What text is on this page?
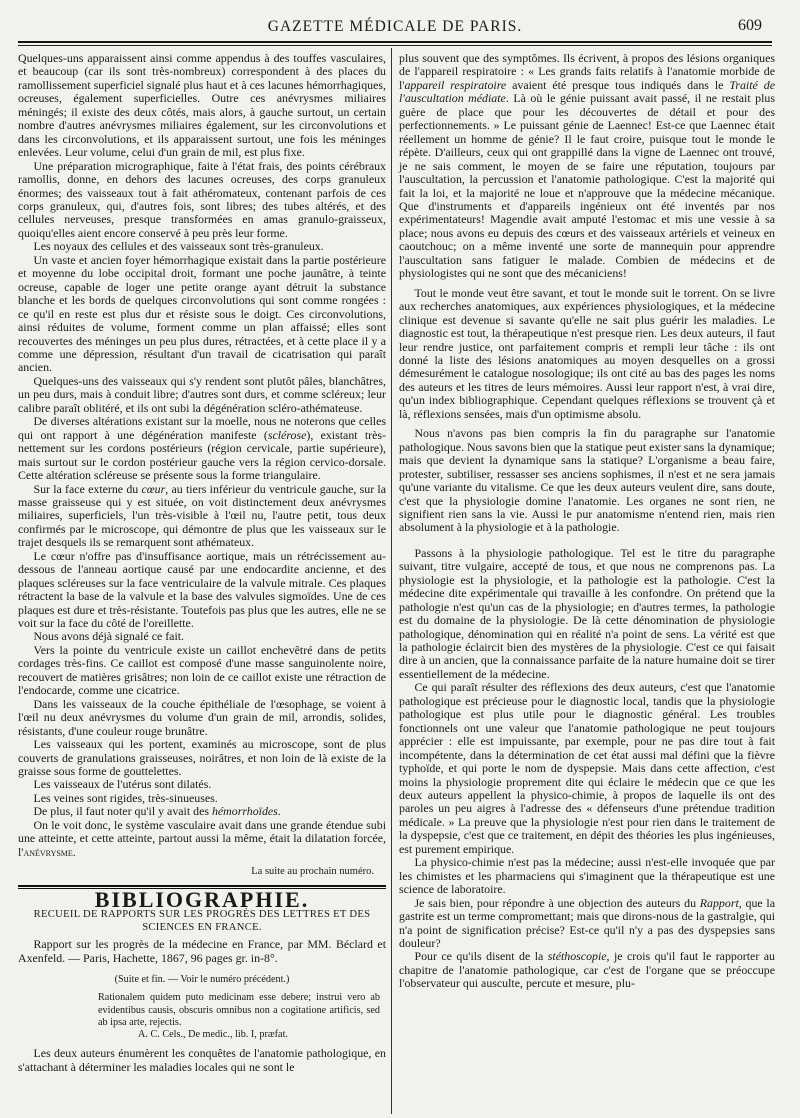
GAZETTE MÉDICALE DE PARIS.	609

Quelques-uns apparaissent ainsi comme appendus à des touffes vasculaires, et beaucoup (car ils sont très-nombreux) correspondent à des places du ramollissement superficiel signalé plus haut et à ces lacunes hémorrhagiques, ocreuses, également superficielles. Outre ces anévrysmes miliaires méningés; il existe des deux côtés, mais alors, à gauche surtout, un certain nombre d'autres anévrysmes miliaires également, sur les circonvolutions et dans les circonvolutions, et ils apparaissent surtout, une fois les méninges enlevées. Leur volume, celui d'un grain de mil, est plus fixe.

Une préparation micrographique, faite à l'état frais, des points cérébraux ramollis, donne, en dehors des lacunes ocreuses, des corps granuleux énormes; des vaisseaux tout à fait athéromateux, contenant parfois de ces corps granuleux, qui, d'autres fois, sont libres; des tubes altérés, et des cellules nerveuses, presque transformées en amas granulo-graisseux, quoiqu'elles aient encore conservé à peu près leur forme.

Les noyaux des cellules et des vaisseaux sont très-granuleux.

Un vaste et ancien foyer hémorrhagique existait dans la partie postérieure et moyenne du lobe occipital droit, formant une poche jaunâtre, à teinte ocreuse, capable de loger une petite orange ayant détruit la substance blanche et les bords de quelques circonvolutions qui sont comme rongées : ce qu'il en reste est plus dur et résiste sous le doigt. Ces circonvolutions, ainsi réduites de volume, forment comme un plan affaissé; elles sont recouvertes des méninges un peu plus dures, rétractées, et à cette place il y a comme une dépression, résultant d'un travail de cicatrisation qui paraît ancien.

Quelques-uns des vaisseaux qui s'y rendent sont plutôt pâles, blanchâtres, un peu durs, mais à conduit libre; d'autres sont durs, et comme scléreux; leur calibre paraît oblitéré, et ils ont subi la dégénération scléro-athémateuse.

De diverses altérations existant sur la moelle, nous ne noterons que celles qui ont rapport à une dégénération manifeste (sclérose), existant très-nettement sur les cordons postérieurs (région cervicale, partie supérieure), mais surtout sur le cordon postérieur gauche vers la région cervico-dorsale. Cette altération scléreuse se présente sous la forme triangulaire.

Sur la face externe du cœur, au tiers inférieur du ventricule gauche, sur la masse graisseuse qui y est située, on voit distinctement deux anévrysmes miliaires, superficiels, l'un très-visible à l'œil nu, l'autre petit, tous deux confirmés par le microscope, qui démontre de plus que les vaisseaux sur le trajet desquels ils se remarquent sont athémateux.

Le cœur n'offre pas d'insuffisance aortique, mais un rétrécissement au-dessous de l'anneau aortique causé par une endocardite ancienne, et des plaques scléreuses sur la face ventriculaire de la valvule mitrale. Ces plaques rétractent la base de la valvule et la base des valvules sigmoïdes. Une de ces plaques est dure et très-résistante. Toutefois pas plus que les autres, elle ne se voit sur la face du côté de l'oreillette.

Nous avons déjà signalé ce fait.

Vers la pointe du ventricule existe un caillot enchevêtré dans de petits cordages très-fins. Ce caillot est composé d'une masse sanguinolente noire, recouvert de matières grisâtres; non loin de ce caillot existe une rétraction de l'endocarde, comme une cicatrice.

Dans les vaisseaux de la couche épithéliale de l'œsophage, se voient à l'œil nu deux anévrysmes du volume d'un grain de mil, arrondis, solides, résistants, d'une couleur rouge brunâtre.

Les vaisseaux qui les portent, examinés au microscope, sont de plus couverts de granulations graisseuses, noirâtres, et non loin de là existe de la graisse sous forme de gouttelettes.

Les vaisseaux de l'utérus sont dilatés.

Les veines sont rigides, très-sinueuses.

De plus, il faut noter qu'il y avait des hémorrhoïdes.

On le voit donc, le système vasculaire avait dans une grande étendue subi une atteinte, et cette atteinte, partout aussi la même, était la dilatation forcée, l'anévrysme.

La suite au prochain numéro.
BIBLIOGRAPHIE.
RECUEIL DE RAPPORTS SUR LES PROGRÈS DES LETTRES ET DES SCIENCES EN FRANCE.

Rapport sur les progrès de la médecine en France, par MM. Béclard et Axenfeld. — Paris, Hachette, 1867, 96 pages gr. in-8°.

(Suite et fin. — Voir le numéro précédent.)
Rationalem quidem puto medicinam esse debere; instrui vero ab evidentibus causis, obscuris omnibus non a cogitatione artificis, sed ab ipsa arte, rejectis.
A. C. Cels., De medic., lib. I, præfat.

Les deux auteurs énumèrent les conquêtes de l'anatomie pathologique, en s'attachant à déterminer les maladies locales qui ne sont le

plus souvent que des symptômes. Ils écrivent, à propos des lésions organiques de l'appareil respiratoire : « Les grands faits relatifs à l'anatomie morbide de l'appareil respiratoire avaient été presque tous indiqués dans le Traité de l'auscultation médiate. Là où le génie puissant avait passé, il ne restait plus guère de place que pour les découvertes de détail et pour des perfectionnements. » Le puissant génie de Laennec! Est-ce que Laennec était réellement un homme de génie? Il le faut croire, puisque tout le monde le répète. D'ailleurs, ceux qui ont grappillé dans la vigne de Laennec ont trouvé, je ne sais comment, le moyen de se faire une réputation, toujours par l'auscultation, la percussion et l'anatomie pathologique. C'est la majorité qui fait la loi, et la majorité ne loue et n'approuve que la médecine mécanique. Que d'instruments et d'appareils ingénieux ont été inventés par nos expérimentateurs! Magendie avait amputé l'estomac et mis une vessie à sa place; nous avons eu depuis des cœurs et des vaisseaux artériels et veineux en caoutchouc; on a même inventé une sorte de mannequin pour apprendre l'auscultation sans fatiguer le malade. Combien de médecins et de physiologistes qui ne sont que des mécaniciens!

Tout le monde veut être savant, et tout le monde suit le torrent. On se livre aux recherches anatomiques, aux expériences physiologiques, et la médecine clinique est devenue si savante qu'elle ne sait plus guérir les maladies. Le diagnostic est tout, la thérapeutique n'est presque rien. Les deux auteurs, il faut leur rendre justice, ont parfaitement compris et rempli leur tâche : ils ont donné la liste des lésions anatomiques au moyen desquelles on a grossi démesurément le catalogue nosologique; ils ont cité au bas des pages les noms des auteurs et les titres de leurs mémoires. Aussi leur rapport n'est, à vrai dire, qu'un index bibliographique. Cependant quelques réflexions se trouvent çà et là, réflexions sensées, mais d'un optimisme absolu.

Nous n'avons pas bien compris la fin du paragraphe sur l'anatomie pathologique. Nous savons bien que la statique peut exister sans la dynamique; mais que devient la dynamique sans la statique? L'organisme a beau faire, protester, subtiliser, ressasser ses anciens sophismes, il n'est et ne sera jamais qu'une variante du vitalisme. Ce que les deux auteurs veulent dire, sans doute, c'est que la physiologie domine l'anatomie. Les organes ne sont rien, ne signifient rien sans la vie. Aussi le pur anatomisme n'entend rien, mais rien absolument à la physiologie et à la pathologie.

Passons à la physiologie pathologique. Tel est le titre du paragraphe suivant, titre vulgaire, accepté de tous, et que nous ne comprenons pas. La physiologie est la physiologie, et la pathologie est la pathologie. C'est la médecine dite expérimentale qui travaille à les confondre. On prétend que la pathologie n'est qu'un cas de la physiologie; en d'autres termes, la pathologie est du domaine de la physiologie. De là cette dénomination de physiologie pathologique, dénomination qui en réalité n'a point de sens. La vérité est que la pathologie éclaircit bien des mystères de la physiologie. C'est ce qui faisait dire à un ancien, que la connaissance parfaite de la nature humaine doit se tirer essentiellement de la médecine.

Ce qui paraît résulter des réflexions des deux auteurs, c'est que l'anatomie pathologique est précieuse pour le diagnostic local, tandis que la physiologie pathologique est plus utile pour le diagnostic général. Les troubles fonctionnels ont une valeur que l'anatomie pathologique ne peut toujours apprécier : elle est impuissante, par exemple, pour ne pas dire tout à fait incompétente, dans la détermination de cet état aussi mal défini que la fièvre typhoïde, et qui porte le nom de dyspepsie. Mais dans cette affection, c'est moins la physiologie proprement dite qui éclaire le médecin que ce que les deux auteurs appellent la physico-chimie, à propos de laquelle ils ont des paroles un peu aigres à l'adresse des « défenseurs d'une prétendue tradition médicale. » La preuve que la physiologie n'est pour rien dans le traitement de la dyspepsie, c'est que ce traitement, en dépit des théories les plus ingénieuses, est purement empirique.

La physico-chimie n'est pas la médecine; aussi n'est-elle invoquée que par les chimistes et les pharmaciens qui s'imaginent que la thérapeutique est une science de laboratoire.

Je sais bien, pour répondre à une objection des auteurs du Rapport, que la gastrite est un terme compromettant; mais que dirons-nous de la gastralgie, qui n'a point de signification précise? Est-ce qu'il n'y a pas des dyspepsies sans douleur?

Pour ce qu'ils disent de la stéthoscopie, je crois qu'il faut le rapporter au chapitre de l'anatomie pathologique, car c'est de l'organe que se préoccupe l'observateur qui ausculte, percute et mesure, plu-
